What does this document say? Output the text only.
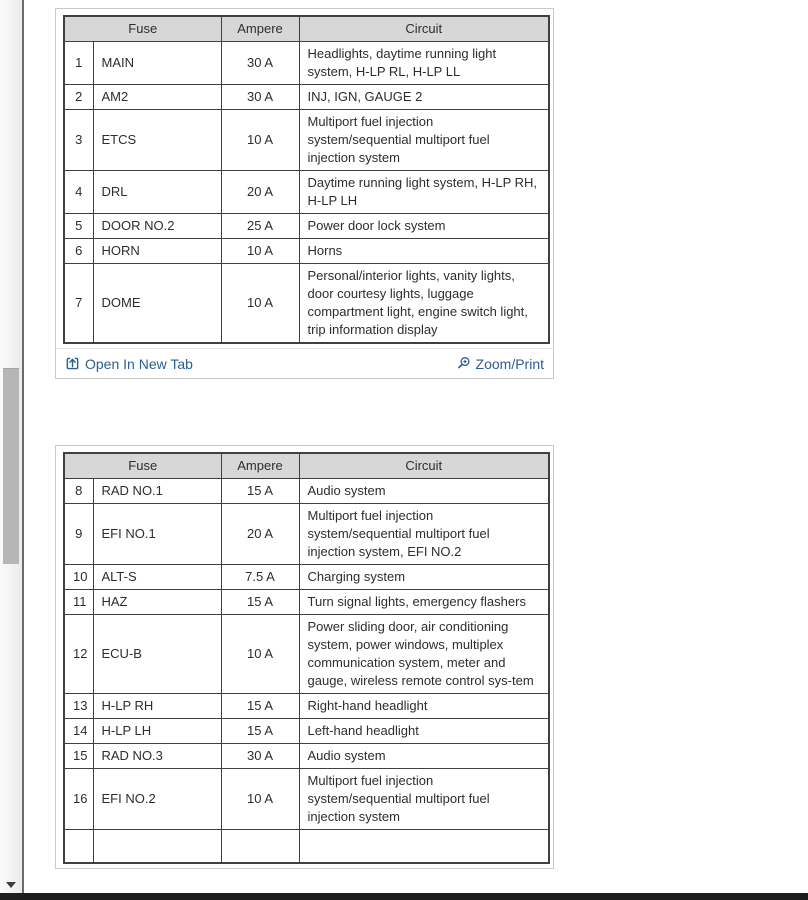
Fuse		Ampere	Circuit
1	MAIN	30 A	Headlights, daytime running light system, H-LP RL, H-LP LL
2	AM2	30 A	INJ, IGN, GAUGE 2
3	ETCS	10 A	Multiport fuel injection system/sequential multiport fuel injection system
4	DRL	20 A	Daytime running light system, H-LP RH, H-LP LH
5	DOOR NO.2	25 A	Power door lock system
6	HORN	10 A	Horns
7	DOME	10 A	Personal/interior lights, vanity lights, door courtesy lights, luggage compartment light, engine switch light, trip information display
Open In New Tab	Zoom/Print
Fuse		Ampere	Circuit
8	RAD NO.1	15 A	Audio system
9	EFI NO.1	20 A	Multiport fuel injection system/sequential multiport fuel injection system, EFI NO.2
10	ALT-S	7.5 A	Charging system
11	HAZ	15 A	Turn signal lights, emergency flashers
12	ECU-B	10 A	Power sliding door, air conditioning system, power windows, multiplex communication system, meter and gauge, wireless remote control sys-tem
13	H-LP RH	15 A	Right-hand headlight
14	H-LP LH	15 A	Left-hand headlight
15	RAD NO.3	30 A	Audio system
16	EFI NO.2	10 A	Multiport fuel injection system/sequential multiport fuel injection system
